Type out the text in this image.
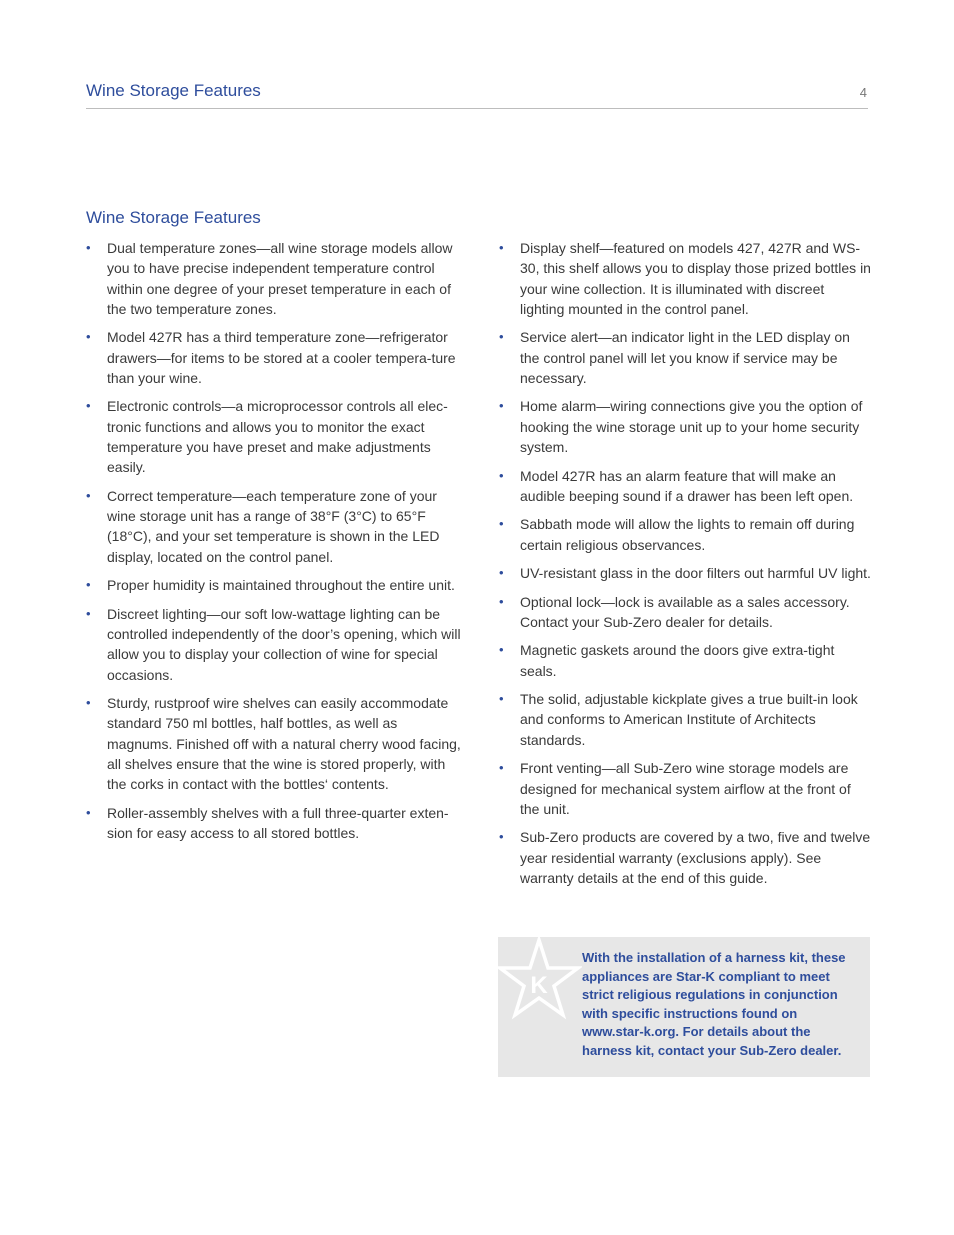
Wine Storage Features	4
Wine Storage Features
• Dual temperature zones—all wine storage models allow you to have precise independent temperature control within one degree of your preset temperature in each of the two temperature zones.
• Model 427R has a third temperature zone—refrigerator drawers—for items to be stored at a cooler tempera-ture than your wine.
• Electronic controls—a microprocessor controls all elec-tronic functions and allows you to monitor the exact temperature you have preset and make adjustments easily.
• Correct temperature—each temperature zone of your wine storage unit has a range of 38°F (3°C) to 65°F (18°C), and your set temperature is shown in the LED display, located on the control panel.
• Proper humidity is maintained throughout the entire unit.
• Discreet lighting—our soft low-wattage lighting can be controlled independently of the door’s opening, which will allow you to display your collection of wine for special occasions.
• Sturdy, rustproof wire shelves can easily accommodate standard 750 ml bottles, half bottles, as well as magnums. Finished off with a natural cherry wood facing, all shelves ensure that the wine is stored properly, with the corks in contact with the bottles‘ contents.
• Roller-assembly shelves with a full three-quarter exten-sion for easy access to all stored bottles.
• Display shelf—featured on models 427, 427R and WS-30, this shelf allows you to display those prized bottles in your wine collection. It is illuminated with discreet lighting mounted in the control panel.
• Service alert—an indicator light in the LED display on the control panel will let you know if service may be necessary.
• Home alarm—wiring connections give you the option of hooking the wine storage unit up to your home security system.
• Model 427R has an alarm feature that will make an audible beeping sound if a drawer has been left open.
• Sabbath mode will allow the lights to remain off during certain religious observances.
• UV-resistant glass in the door filters out harmful UV light.
• Optional lock—lock is available as a sales accessory. Contact your Sub-Zero dealer for details.
• Magnetic gaskets around the doors give extra-tight seals.
• The solid, adjustable kickplate gives a true built-in look and conforms to American Institute of Architects standards.
• Front venting—all Sub-Zero wine storage models are designed for mechanical system airflow at the front of the unit.
• Sub-Zero products are covered by a two, five and twelve year residential warranty (exclusions apply). See warranty details at the end of this guide.
K
With the installation of a harness kit, these appliances are Star-K compliant to meet strict religious regulations in conjunction with specific instructions found on www.star-k.org. For details about the harness kit, contact your Sub-Zero dealer.
